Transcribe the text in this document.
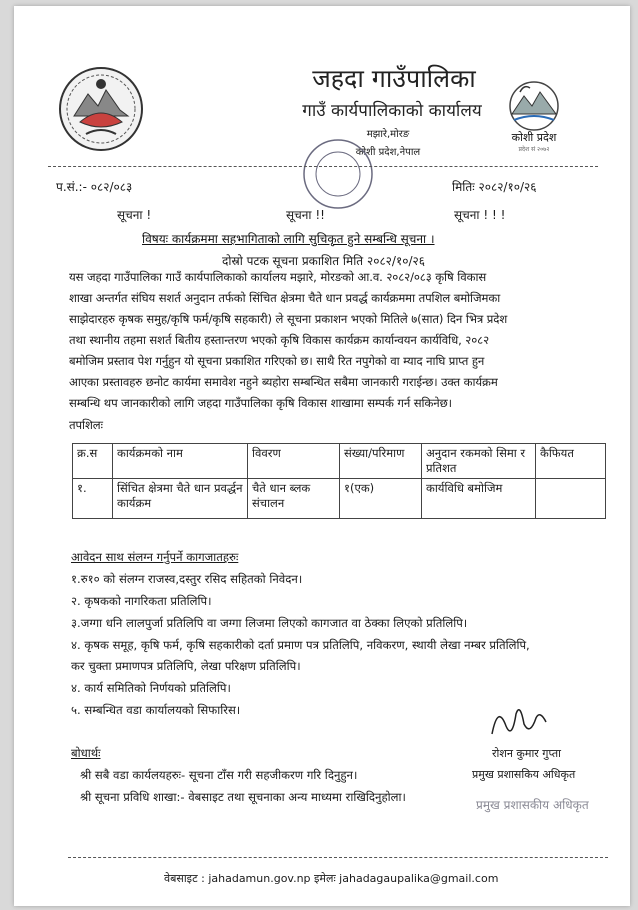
कोशी प्रदेश
प्रदेश सं २०७२
जहदा गाउँपालिका
गाउँ कार्यपालिकाको कार्यालय
मझारे,मोरङ
कोशी प्रदेश,नेपाल
प.सं.:- ०८२/०८३	मितिः २०८२/१०/२६
सूचना !	सूचना !!	सूचना ! ! !
विषयः कार्यक्रममा सहभागिताको लागि सुचिकृत हुने सम्बन्धि सूचना ।
दोस्रो पटक सूचना प्रकाशित मिति २०८२/१०/२६
यस जहदा गाउँपालिका गाउँ कार्यपालिकाको कार्यालय मझारे, मोरङको आ.व. २०८२/०८३ कृषि विकास
शाखा अन्तर्गत संघिय सशर्त अनुदान तर्फको सिंचित क्षेत्रमा चैते धान प्रवर्द्ध कार्यक्रममा तपशिल बमोजिमका
साझेदारहरु कृषक समुह/कृषि फर्म/कृषि सहकारी) ले सूचना प्रकाशन भएको मितिले ७(सात) दिन भित्र प्रदेश
तथा स्थानीय तहमा सशर्त बितीय हस्तान्तरण भएको कृषि विकास कार्यक्रम कार्यान्वयन कार्यविधि, २०८२
बमोजिम प्रस्ताव पेश गर्नुहुन यो सूचना प्रकाशित गरिएको छ। साथै रित नपुगेको वा म्याद नाघि प्राप्त हुन
आएका प्रस्तावहरु छनोट कार्यमा समावेश नहुने ब्यहोरा सम्बन्धित सबैमा जानकारी गराईन्छ। उक्त कार्यक्रम
सम्बन्धि थप जानकारीको लागि जहदा गाउँपालिका कृषि विकास शाखामा सम्पर्क गर्न सकिनेछ।
तपशिलः
क्र.स	कार्यक्रमको नाम	विवरण	संख्या/परिमाण	अनुदान रकमको सिमा र प्रतिशत	कैफियत
१.	सिंचित क्षेत्रमा चैते धान प्रवर्द्धन कार्यक्रम	चैते धान ब्लक संचालन	१(एक)	कार्यविधि बमोजिम	
आवेदन साथ संलग्न गर्नुपर्ने कागजातहरुः
१.रु१० को संलग्न राजस्व,दस्तुर रसिद सहितको निवेदन।
२. कृषकको नागरिकता प्रतिलिपि।
३.जग्गा धनि लालपुर्जा प्रतिलिपि वा जग्गा लिजमा लिएको कागजात वा ठेक्का लिएको प्रतिलिपि।
४. कृषक समूह, कृषि फर्म, कृषि सहकारीको दर्ता प्रमाण पत्र प्रतिलिपि, नविकरण, स्थायी लेखा नम्बर प्रतिलिपि,
कर चुक्ता प्रमाणपत्र प्रतिलिपि, लेखा परिक्षण प्रतिलिपि।
४. कार्य समितिको निर्णयको प्रतिलिपि।
५. सम्बन्धित वडा कार्यालयको सिफारिस।
रोशन कुमार गुप्ता
प्रमुख प्रशासकिय अधिकृत
प्रमुख प्रशासकीय अधिकृत
बोधार्थः
श्री सबै वडा कार्यलयहरुः- सूचना टाँस गरी सहजीकरण गरि दिनुहुन।
श्री सूचना प्रविधि शाखा:- वेबसाइट तथा सूचनाका अन्य माध्यमा राखिदिनुहोला।
वेबसाइट : jahadamun.gov.np इमेलः jahadagaupalika@gmail.com
